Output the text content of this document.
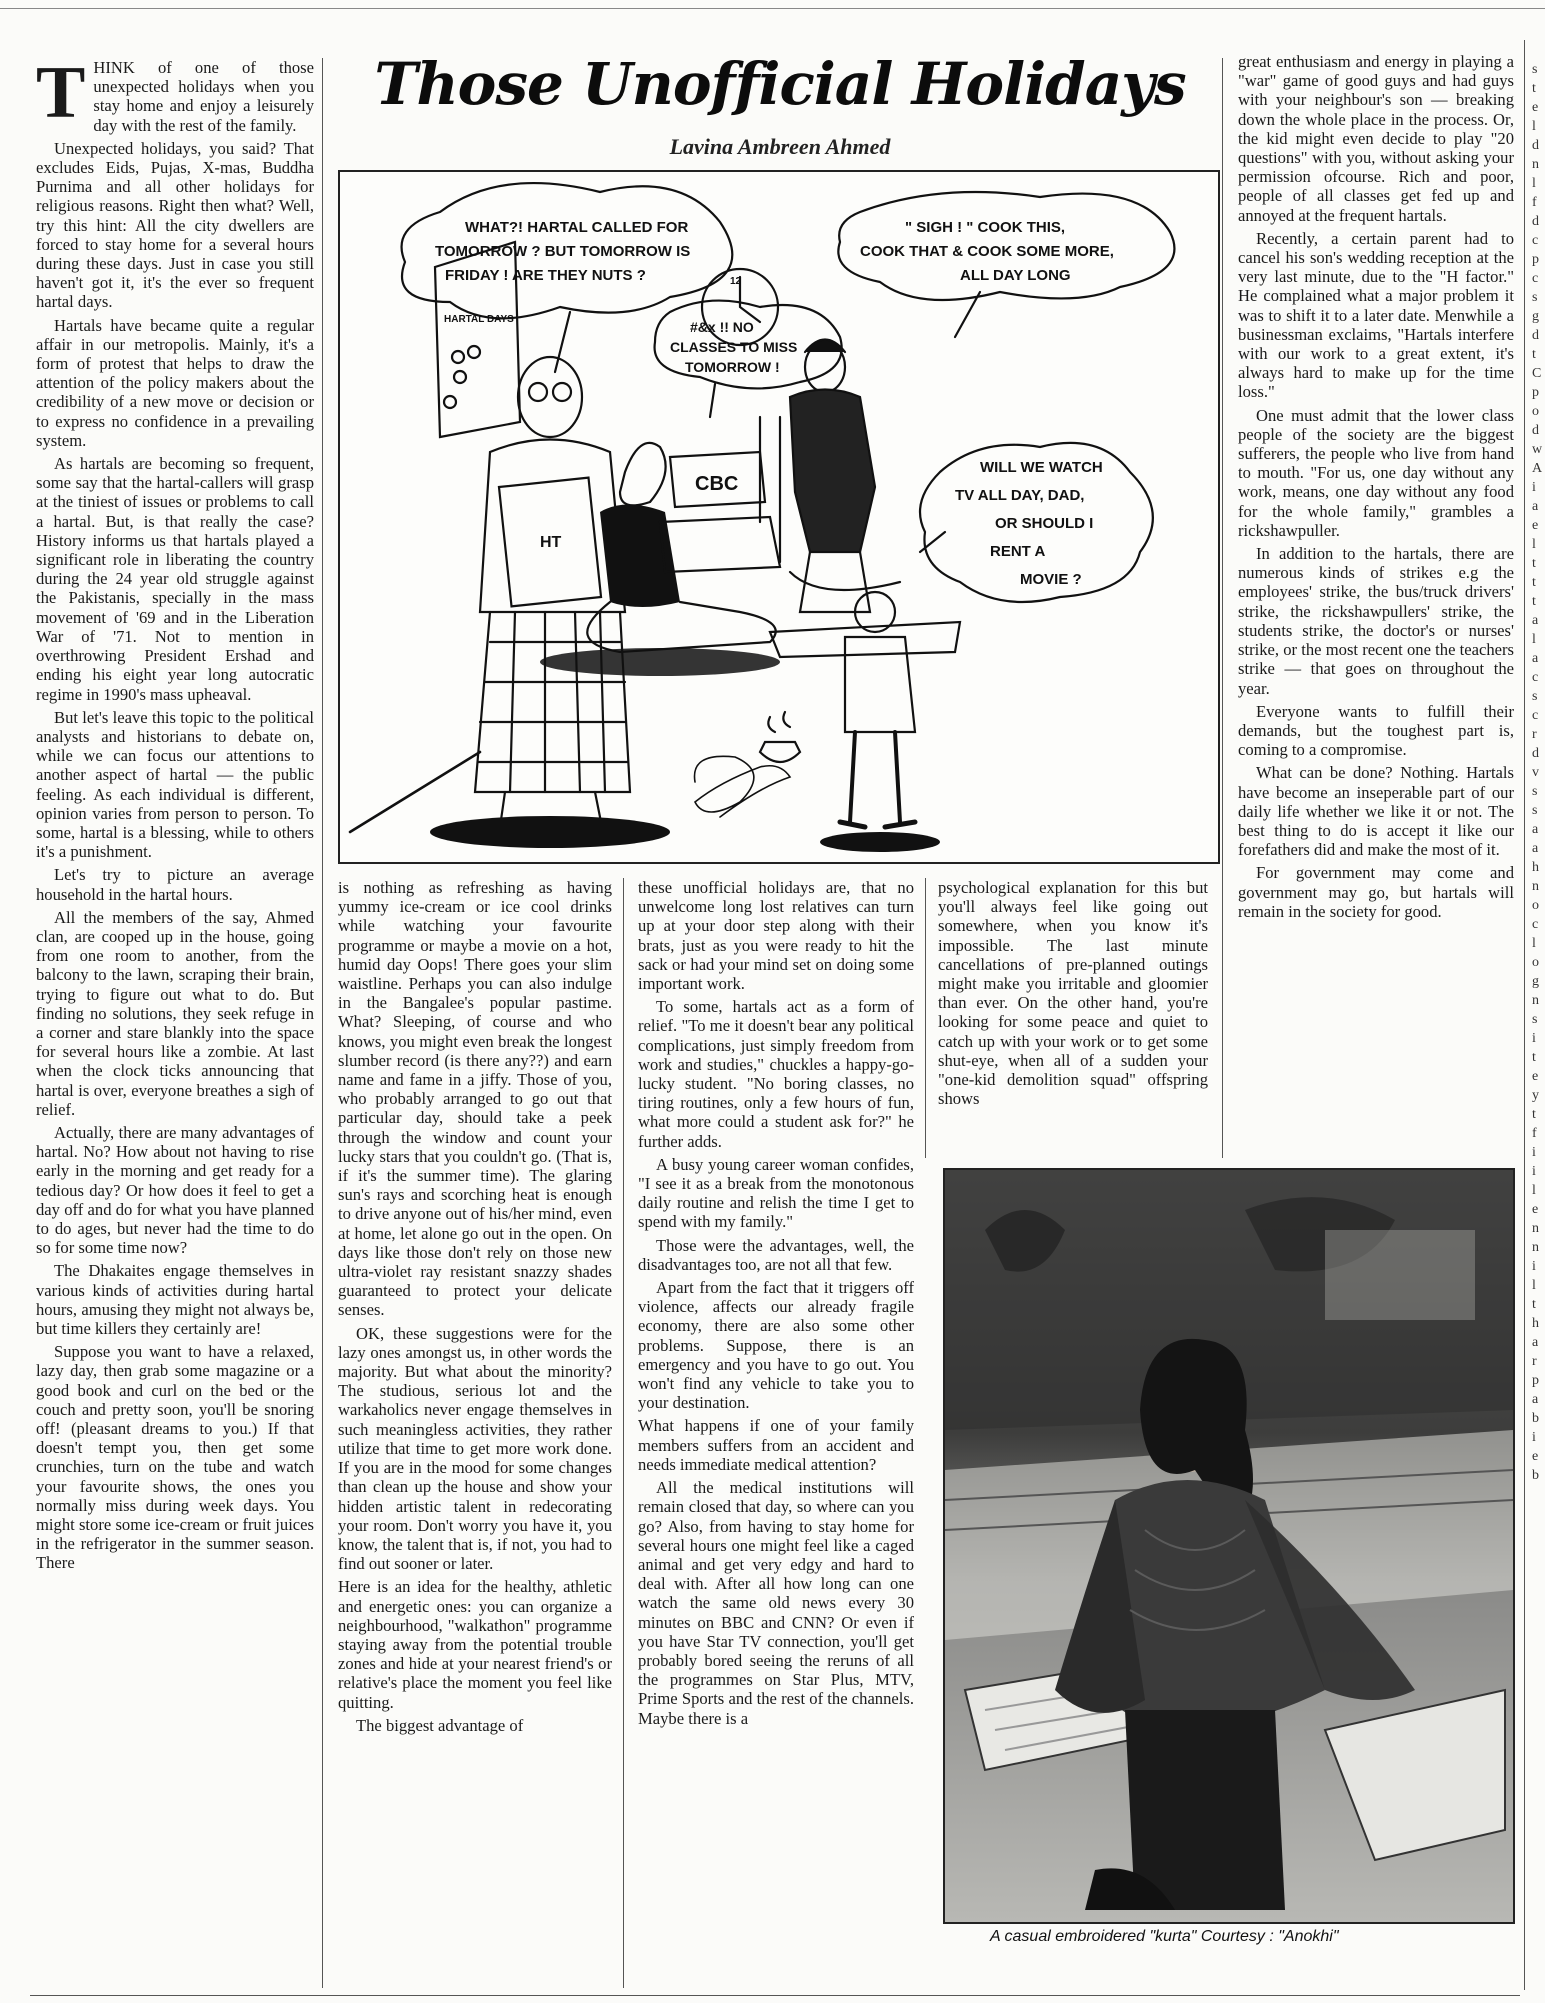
THINK of one of those unexpected holidays when you stay home and enjoy a leisurely day with the rest of the family.

Unexpected holidays, you said? That excludes Eids, Pujas, X-mas, Buddha Purnima and all other holidays for religious reasons. Right then what? Well, try this hint: All the city dwellers are forced to stay home for a several hours during these days. Just in case you still haven't got it, it's the ever so frequent hartal days.

Hartals have became quite a regular affair in our metropolis. Mainly, it's a form of protest that helps to draw the attention of the policy makers about the credibility of a new move or decision or to express no confidence in a prevailing system.

As hartals are becoming so frequent, some say that the hartal-callers will grasp at the tiniest of issues or problems to call a hartal. But, is that really the case? History informs us that hartals played a significant role in liberating the country during the 24 year old struggle against the Pakistanis, specially in the mass movement of '69 and in the Liberation War of '71. Not to mention in overthrowing President Ershad and ending his eight year long autocratic regime in 1990's mass upheaval.

But let's leave this topic to the political analysts and historians to debate on, while we can focus our attentions to another aspect of hartal — the public feeling. As each individual is different, opinion varies from person to person. To some, hartal is a blessing, while to others it's a punishment.

Let's try to picture an average household in the hartal hours.

All the members of the say, Ahmed clan, are cooped up in the house, going from one room to another, from the balcony to the lawn, scraping their brain, trying to figure out what to do. But finding no solutions, they seek refuge in a corner and stare blankly into the space for several hours like a zombie. At last when the clock ticks announcing that hartal is over, everyone breathes a sigh of relief.

Actually, there are many advantages of hartal. No? How about not having to rise early in the morning and get ready for a tedious day? Or how does it feel to get a day off and do for what you have planned to do ages, but never had the time to do so for some time now?

The Dhakaites engage themselves in various kinds of activities during hartal hours, amusing they might not always be, but time killers they certainly are!

Suppose you want to have a relaxed, lazy day, then grab some magazine or a good book and curl on the bed or the couch and pretty soon, you'll be snoring off! (pleasant dreams to you.) If that doesn't tempt you, then get some crunchies, turn on the tube and watch your favourite shows, the ones you normally miss during week days. You might store some ice-cream or fruit juices in the refrigerator in the summer season. There

Those Unofficial Holidays
Lavina Ambreen Ahmed
WHAT?! HARTAL CALLED FOR TOMORROW ? BUT TOMORROW IS FRIDAY ! ARE THEY NUTS ?
" SIGH ! " COOK THIS, COOK THAT & COOK SOME MORE, ALL DAY LONG
#&x !! NO CLASSES TO MISS TOMORROW !
WILL WE WATCH TV ALL DAY, DAD, OR SHOULD I RENT A MOVIE ?
HARTAL DAYS
HT
CBC
12

is nothing as refreshing as having yummy ice-cream or ice cool drinks while watching your favourite programme or maybe a movie on a hot, humid day Oops! There goes your slim waistline. Perhaps you can also indulge in the Bangalee's popular pastime. What? Sleeping, of course and who knows, you might even break the longest slumber record (is there any??) and earn name and fame in a jiffy. Those of you, who probably arranged to go out that particular day, should take a peek through the window and count your lucky stars that you couldn't go. (That is, if it's the summer time). The glaring sun's rays and scorching heat is enough to drive anyone out of his/her mind, even at home, let alone go out in the open. On days like those don't rely on those new ultra-violet ray resistant snazzy shades guaranteed to protect your delicate senses.

OK, these suggestions were for the lazy ones amongst us, in other words the majority. But what about the minority? The studious, serious lot and the warkaholics never engage themselves in such meaningless activities, they rather utilize that time to get more work done. If you are in the mood for some changes than clean up the house and show your hidden artistic talent in redecorating your room. Don't worry you have it, you know, the talent that is, if not, you had to find out sooner or later.

Here is an idea for the healthy, athletic and energetic ones: you can organize a neighbourhood, "walkathon" programme staying away from the potential trouble zones and hide at your nearest friend's or relative's place the moment you feel like quitting.

The biggest advantage of

these unofficial holidays are, that no unwelcome long lost relatives can turn up at your door step along with their brats, just as you were ready to hit the sack or had your mind set on doing some important work.

To some, hartals act as a form of relief. "To me it doesn't bear any political complications, just simply freedom from work and studies," chuckles a happy-go-lucky student. "No boring classes, no tiring routines, only a few hours of fun, what more could a student ask for?" he further adds.

A busy young career woman confides, "I see it as a break from the monotonous daily routine and relish the time I get to spend with my family."

Those were the advantages, well, the disadvantages too, are not all that few.

Apart from the fact that it triggers off violence, affects our already fragile economy, there are also some other problems. Suppose, there is an emergency and you have to go out. You won't find any vehicle to take you to your destination.

What happens if one of your family members suffers from an accident and needs immediate medical attention?

All the medical institutions will remain closed that day, so where can you go? Also, from having to stay home for several hours one might feel like a caged animal and get very edgy and hard to deal with. After all how long can one watch the same old news every 30 minutes on BBC and CNN? Or even if you have Star TV connection, you'll get probably bored seeing the reruns of all the programmes on Star Plus, MTV, Prime Sports and the rest of the channels. Maybe there is a

psychological explanation for this but you'll always feel like going out somewhere, when you know it's impossible. The last minute cancellations of pre-planned outings might make you irritable and gloomier than ever. On the other hand, you're looking for some peace and quiet to catch up with your work or to get some shut-eye, when all of a sudden your "one-kid demolition squad" offspring shows

great enthusiasm and energy in playing a "war" game of good guys and had guys with your neighbour's son — breaking down the whole place in the process. Or, the kid might even decide to play "20 questions" with you, without asking your permission ofcourse. Rich and poor, people of all classes get fed up and annoyed at the frequent hartals.

Recently, a certain parent had to cancel his son's wedding reception at the very last minute, due to the "H factor." He complained what a major problem it was to shift it to a later date. Menwhile a businessman exclaims, "Hartals interfere with our work to a great extent, it's always hard to make up for the time loss."

One must admit that the lower class people of the society are the biggest sufferers, the people who live from hand to mouth. "For us, one day without any work, means, one day without any food for the whole family," grambles a rickshawpuller.

In addition to the hartals, there are numerous kinds of strikes e.g the employees' strike, the bus/truck drivers' strike, the rickshawpullers' strike, the students strike, the doctor's or nurses' strike, or the most recent one the teachers strike — that goes on throughout the year.

Everyone wants to fulfill their demands, but the toughest part is, coming to a compromise.

What can be done? Nothing. Hartals have become an inseperable part of our daily life whether we like it or not. The best thing to do is accept it like our forefathers did and make the most of it.

For government may come and government may go, but hartals will remain in the society for good.

A casual embroidered "kurta" Courtesy : "Anokhi"
s
t
e
l
d
n
l
f
d
c
p
c
s
g
d
t
C
p
o
d
w
A
i
a
e
l
t
t
t
a
l
a
c
s
c
r
d
v
s
s
a
a
h
n
o
c
l
o
g
n
s
i
t
e
y
t
f
i
i
l
e
n
n
i
l
t
h
a
r
p
a
b
i
e
b
